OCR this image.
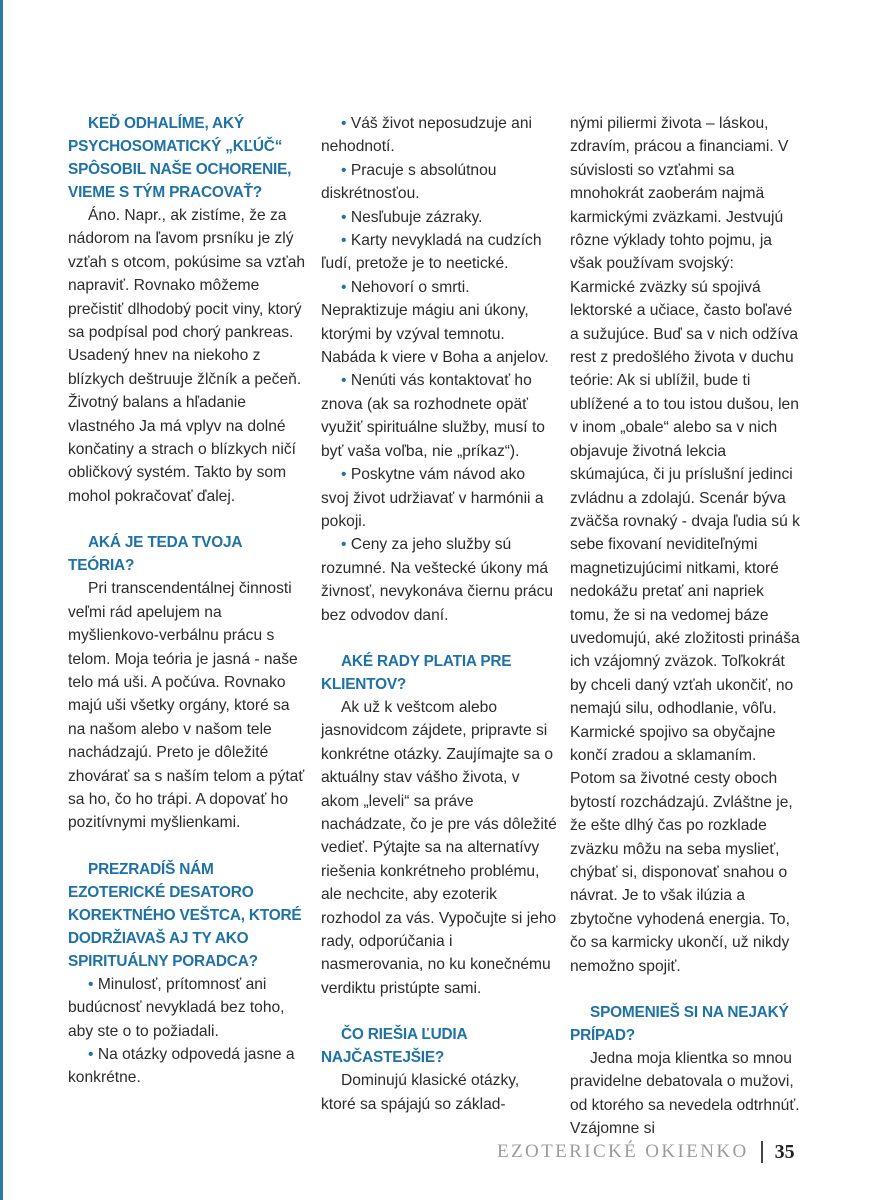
KEĎ ODHALÍME, AKÝ PSYCHOSOMATICKÝ „KĽÚČ“ SPÔSOBIL NAŠE OCHORENIE, VIEME S TÝM PRACOVAŤ?

Áno. Napr., ak zistíme, že za nádorom na ľavom prsníku je zlý vzťah s otcom, pokúsime sa vzťah napraviť. Rovnako môžeme prečistiť dlhodobý pocit viny, ktorý sa podpísal pod chorý pankreas. Usadený hnev na niekoho z blízkych deštruuje žlčník a pečeň. Životný balans a hľadanie vlastného Ja má vplyv na dolné končatiny a strach o blízkych ničí obličkový systém. Takto by som mohol pokračovať ďalej.

AKÁ JE TEDA TVOJA TEÓRIA?

Pri transcendentálnej činnosti veľmi rád apelujem na myšlienkovo-verbálnu prácu s telom. Moja teória je jasná - naše telo má uši. A počúva. Rovnako majú uši všetky orgány, ktoré sa na našom alebo v našom tele nachádzajú. Preto je dôležité zhovárať sa s naším telom a pýtať sa ho, čo ho trápi. A dopovať ho pozitívnymi myšlienkami.

PREZRADÍŠ NÁM EZOTERICKÉ DESATORO KOREKTNÉHO VEŠTCA, KTORÉ DODRŽIAVAŠ AJ TY AKO SPIRITUÁLNY PORADCA?

• Minulosť, prítomnosť ani budúcnosť nevykladá bez toho, aby ste o to požiadali.

• Na otázky odpovedá jasne a konkrétne.

• Váš život neposudzuje ani nehodnotí.

• Pracuje s absolútnou diskrétnosťou.

• Nesľubuje zázraky.

• Karty nevykladá na cudzích ľudí, pretože je to neetické.

• Nehovorí o smrti. Nepraktizuje mágiu ani úkony, ktorými by vzýval temnotu. Nabáda k viere v Boha a anjelov.

• Nenúti vás kontaktovať ho znova (ak sa rozhodnete opäť využiť spirituálne služby, musí to byť vaša voľba, nie „príkaz“).

• Poskytne vám návod ako svoj život udržiavať v harmónii a pokoji.

• Ceny za jeho služby sú rozumné. Na veštecké úkony má živnosť, nevykonáva čiernu prácu bez odvodov daní.

AKÉ RADY PLATIA PRE KLIENTOV?

Ak už k veštcom alebo jasnovidcom zájdete, pripravte si konkrétne otázky. Zaujímajte sa o aktuálny stav vášho života, v akom „leveli“ sa práve nachádzate, čo je pre vás dôležité vedieť. Pýtajte sa na alternatívy riešenia konkrétneho problému, ale nechcite, aby ezoterik rozhodol za vás. Vypočujte si jeho rady, odporúčania i nasmerovania, no ku konečnému verdiktu pristúpte sami.

ČO RIEŠIA ĽUDIA NAJČASTEJŠIE?

Dominujú klasické otázky, ktoré sa spájajú so základ-

nými piliermi života – láskou, zdravím, prácou a financiami. V súvislosti so vzťahmi sa mnohokrát zaoberám najmä karmickými zväzkami. Jestvujú rôzne výklady tohto pojmu, ja však používam svojský: Karmické zväzky sú spojivá lektorské a učiace, často boľavé a sužujúce. Buď sa v nich odžíva rest z predošlého života v duchu teórie: Ak si ublížil, bude ti ublížené a to tou istou dušou, len v inom „obale“ alebo sa v nich objavuje životná lekcia skúmajúca, či ju príslušní jedinci zvládnu a zdolajú. Scenár býva zväčša rovnaký - dvaja ľudia sú k sebe fixovaní neviditeľnými magnetizujúcimi nitkami, ktoré nedokážu pretať ani napriek tomu, že si na vedomej báze uvedomujú, aké zložitosti prináša ich vzájomný zväzok. Toľkokrát by chceli daný vzťah ukončiť, no nemajú silu, odhodlanie, vôľu. Karmické spojivo sa obyčajne končí zradou a sklamaním. Potom sa životné cesty oboch bytostí rozchádzajú. Zvláštne je, že ešte dlhý čas po rozklade zväzku môžu na seba myslieť, chýbať si, disponovať snahou o návrat. Je to však ilúzia a zbytočne vyhodená energia. To, čo sa karmicky ukončí, už nikdy nemožno spojiť.

SPOMENIEŠ SI NA NEJAKÝ PRÍPAD?

Jedna moja klientka so mnou pravidelne debatovala o mužovi, od ktorého sa nevedela odtrhnúť. Vzájomne si

EZOTERICKÉ OKIENKO 35
